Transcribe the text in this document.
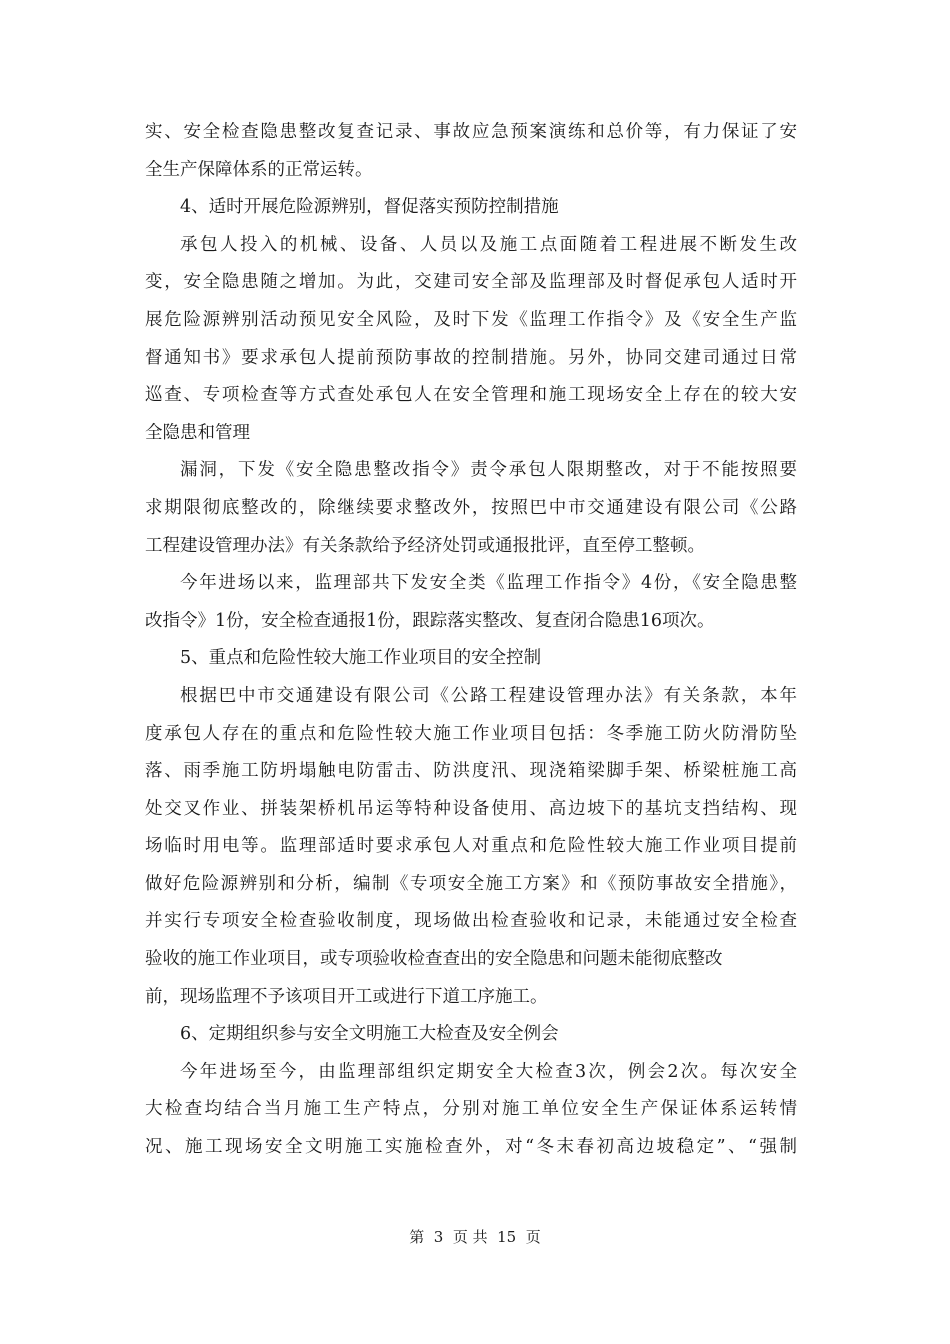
实、安全检查隐患整改复查记录、事故应急预案演练和总价等，有力保证了安
全生产保障体系的正常运转。
4、适时开展危险源辨别，督促落实预防控制措施
承包人投入的机械、设备、人员以及施工点面随着工程进展不断发生改
变，安全隐患随之增加。为此，交建司安全部及监理部及时督促承包人适时开
展危险源辨别活动预见安全风险，及时下发《监理工作指令》及《安全生产监
督通知书》要求承包人提前预防事故的控制措施。另外，协同交建司通过日常
巡查、专项检查等方式查处承包人在安全管理和施工现场安全上存在的较大安
全隐患和管理
漏洞，下发《安全隐患整改指令》责令承包人限期整改，对于不能按照要
求期限彻底整改的，除继续要求整改外，按照巴中市交通建设有限公司《公路
工程建设管理办法》有关条款给予经济处罚或通报批评，直至停工整顿。
今年进场以来，监理部共下发安全类《监理工作指令》4份，《安全隐患整
改指令》1份，安全检查通报1份，跟踪落实整改、复查闭合隐患16项次。
5、重点和危险性较大施工作业项目的安全控制
根据巴中市交通建设有限公司《公路工程建设管理办法》有关条款，本年
度承包人存在的重点和危险性较大施工作业项目包括：冬季施工防火防滑防坠
落、雨季施工防坍塌触电防雷击、防洪度汛、现浇箱梁脚手架、桥梁桩施工高
处交叉作业、拼装架桥机吊运等特种设备使用、高边坡下的基坑支挡结构、现
场临时用电等。监理部适时要求承包人对重点和危险性较大施工作业项目提前
做好危险源辨别和分析，编制《专项安全施工方案》和《预防事故安全措施》，
并实行专项安全检查验收制度，现场做出检查验收和记录，未能通过安全检查
验收的施工作业项目，或专项验收检查查出的安全隐患和问题未能彻底整改
前，现场监理不予该项目开工或进行下道工序施工。
6、定期组织参与安全文明施工大检查及安全例会
今年进场至今，由监理部组织定期安全大检查3次，例会2次。每次安全
大检查均结合当月施工生产特点，分别对施工单位安全生产保证体系运转情
况、施工现场安全文明施工实施检查外，对“冬末春初高边坡稳定”、“强制
第  3  页 共  15  页
